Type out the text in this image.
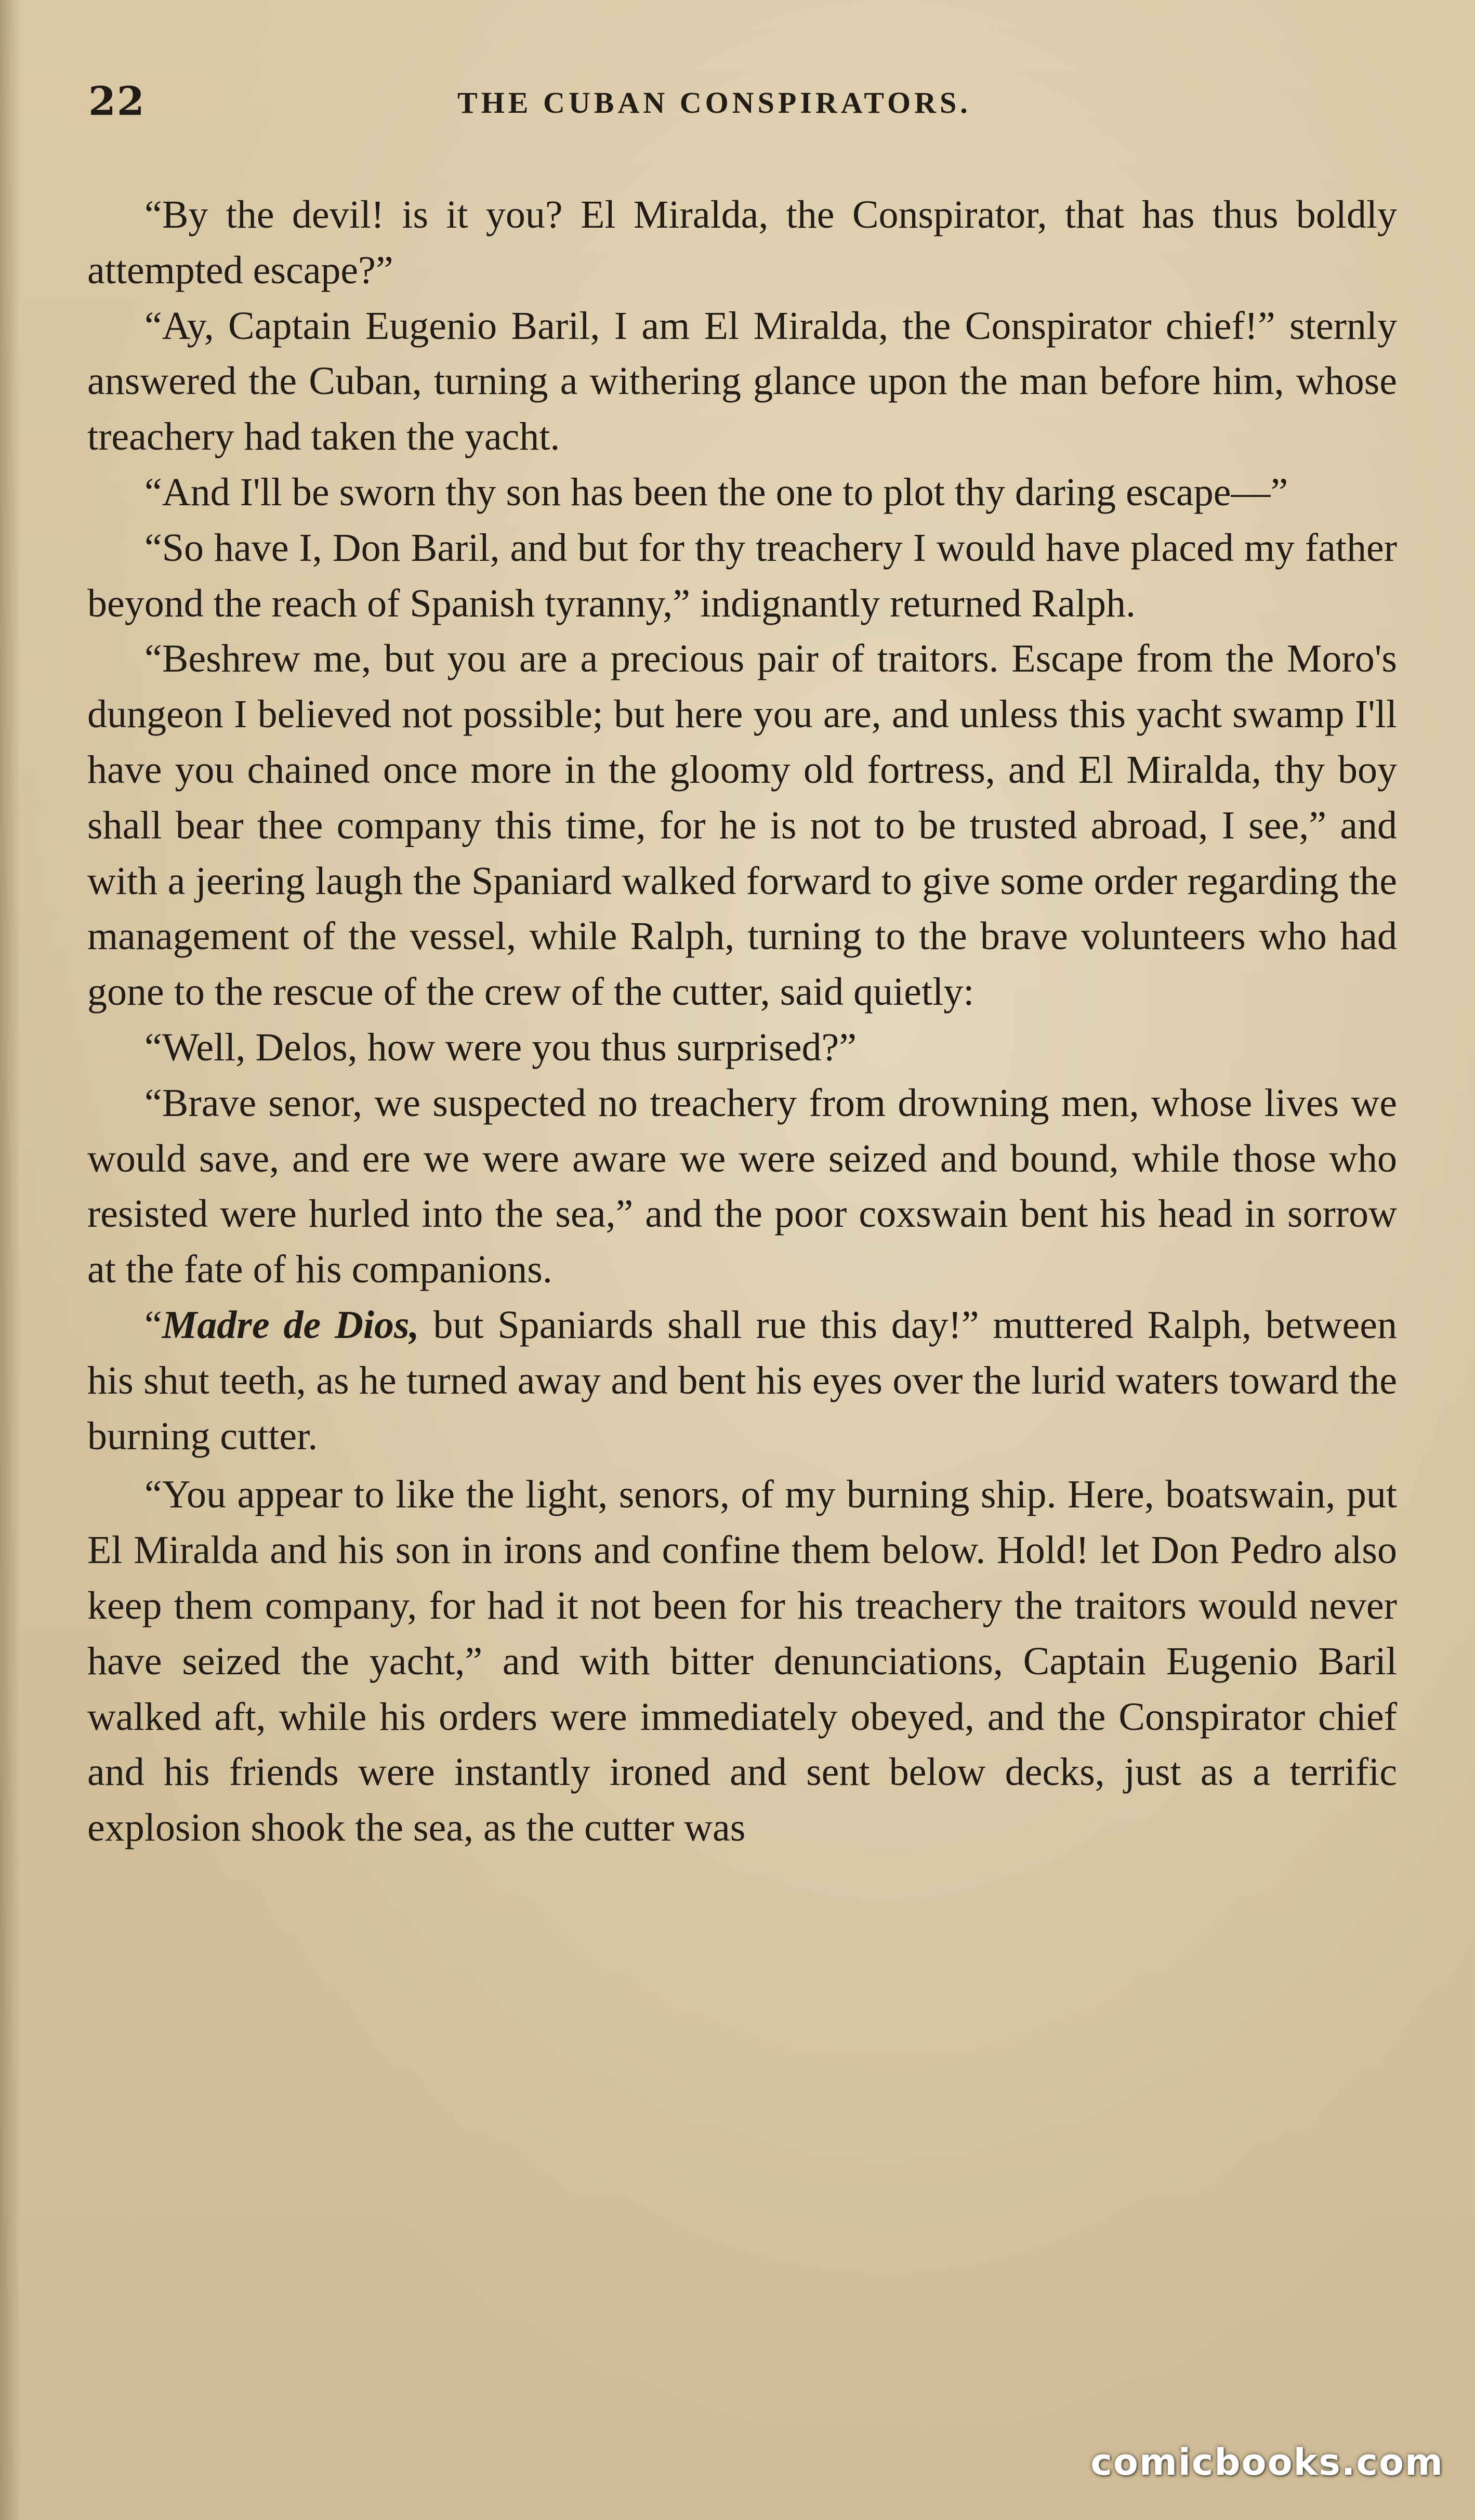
22	THE CUBAN CONSPIRATORS.

“By the devil! is it you? El Miralda, the Conspirator, that has thus boldly attempted escape?”

“Ay, Captain Eugenio Baril, I am El Miralda, the Conspirator chief!” sternly answered the Cuban, turning a withering glance upon the man before him, whose treachery had taken the yacht.

“And I'll be sworn thy son has been the one to plot thy daring escape—”

“So have I, Don Baril, and but for thy treachery I would have placed my father beyond the reach of Spanish tyranny,” indignantly returned Ralph.

“Beshrew me, but you are a precious pair of traitors. Escape from the Moro's dungeon I believed not possible; but here you are, and unless this yacht swamp I'll have you chained once more in the gloomy old fortress, and El Miralda, thy boy shall bear thee company this time, for he is not to be trusted abroad, I see,” and with a jeering laugh the Spaniard walked forward to give some order regarding the management of the vessel, while Ralph, turning to the brave volunteers who had gone to the rescue of the crew of the cutter, said quietly:

“Well, Delos, how were you thus surprised?”

“Brave senor, we suspected no treachery from drowning men, whose lives we would save, and ere we were aware we were seized and bound, while those who resisted were hurled into the sea,” and the poor coxswain bent his head in sorrow at the fate of his companions.

“Madre de Dios, but Spaniards shall rue this day!” muttered Ralph, between his shut teeth, as he turned away and bent his eyes over the lurid waters toward the burning cutter.

“You appear to like the light, senors, of my burning ship. Here, boatswain, put El Miralda and his son in irons and confine them below. Hold! let Don Pedro also keep them company, for had it not been for his treachery the traitors would never have seized the yacht,” and with bitter denunciations, Captain Eugenio Baril walked aft, while his orders were immediately obeyed, and the Conspirator chief and his friends were instantly ironed and sent below decks, just as a terrific explosion shook the sea, as the cutter was

comicbooks.com
